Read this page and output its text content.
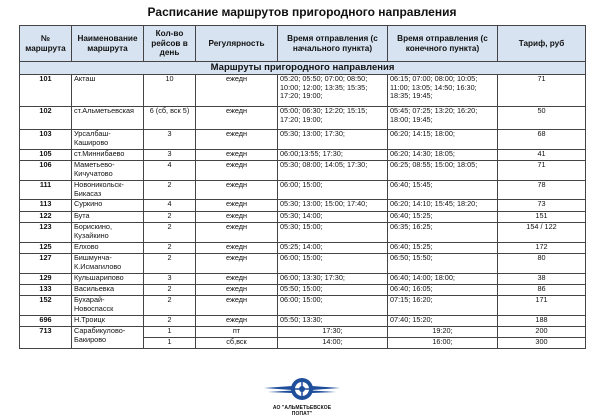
Расписание маршрутов пригородного направления
№ маршрута	Наименование маршрута	Кол-во рейсов в день	Регулярность	Время отправления (с начального пункта)	Время отправления (с конечного пункта)	Тариф, руб
Маршруты пригородного направления						
101	Акташ	10	ежедн	05:20; 05:50; 07:00; 08:50; 10:00; 12:00; 13:35; 15:35; 17:20; 19:00;	06:15; 07:00; 08:00; 10:05; 11:00; 13:05; 14:50; 16:30; 18:35; 19:45;	71
102	ст.Альметьевская	6 (сб, вск 5)	ежедн	05:00; 06:30; 12:20; 15:15; 17:20; 19:00;	05:45; 07:25; 13:20; 16:20; 18:00; 19:45;	50
103	Урсалбаш-Каширово	3	ежедн	05:30; 13:00; 17:30;	06:20; 14:15; 18:00;	68
105	ст.Миннибаево	3	ежедн	06:00;13:55; 17:30;	06:20; 14:30; 18:05;	41
106	Маметьево-Кичучатово	4	ежедн	05:30; 08:00; 14:05; 17:30;	06:25; 08:55; 15:00; 18:05;	71
111	Новоникольск-Бикасаз	2	ежедн	06:00; 15:00;	06:40; 15:45;	78
113	Суркино	4	ежедн	05:30; 13:00; 15:00; 17:40;	06:20; 14:10; 15:45; 18:20;	73
122	Бута	2	ежедн	05:30; 14:00;	06:40; 15:25;	151
123	Борискино, Кузайкино	2	ежедн	05:30; 15:00;	06:35; 16:25;	154 / 122
125	Елхово	2	ежедн	05:25; 14:00;	06:40; 15:25;	172
127	Бишмунча-К.Исмагилово	2	ежедн	06:00; 15:00;	06:50; 15:50;	80
129	Кульшарипово	3	ежедн	06:00; 13:30; 17:30;	06:40; 14:00; 18:00;	38
133	Васильевка	2	ежедн	05:50; 15:00;	06:40; 16:05;	86
152	Бухарай-Новоспасск	2	ежедн	06:00; 15:00;	07:15; 16:20;	171
696	Н.Троицк	2	ежедн	05:50; 13:30;	07:40; 15:20;	188
713	Сарабикулово-Бакирово	1	пт	17:30;	19:20;	200
		1	сб,вск	14:00;	16:00;	300
АО "АЛЬМЕТЬЕВСКОЕ ПОПАТ"
